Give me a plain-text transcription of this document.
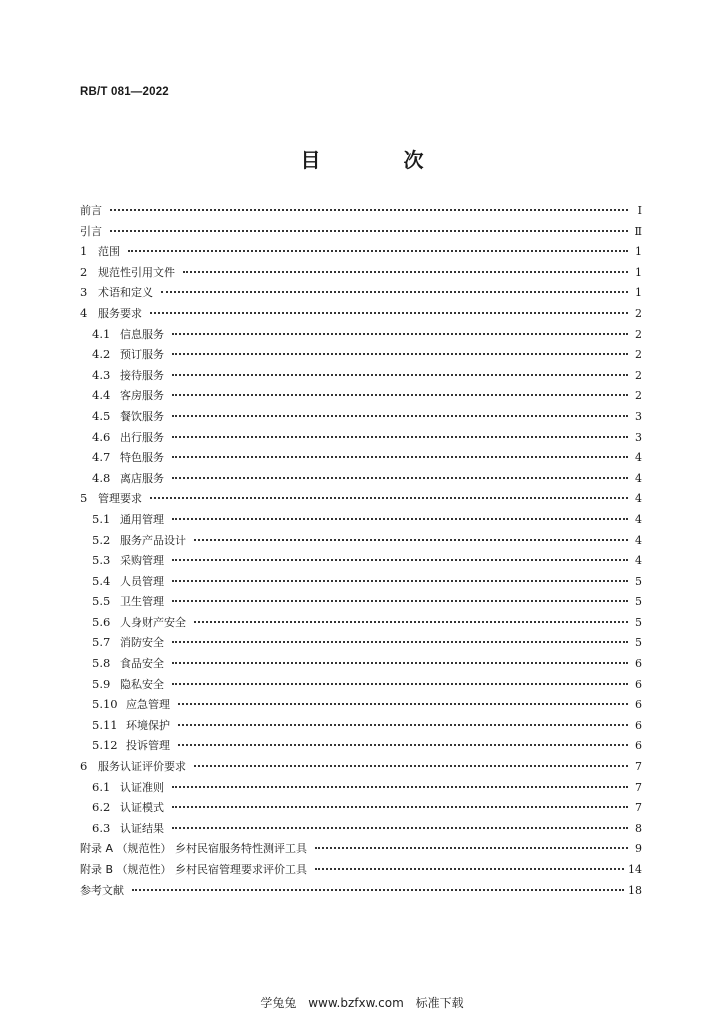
RB/T 081—2022
目 次
前言	Ⅰ
引言	Ⅱ
1 范围	1
2 规范性引用文件	1
3 术语和定义	1
4 服务要求	2
4.1 信息服务	2
4.2 预订服务	2
4.3 接待服务	2
4.4 客房服务	2
4.5 餐饮服务	3
4.6 出行服务	3
4.7 特色服务	4
4.8 离店服务	4
5 管理要求	4
5.1 通用管理	4
5.2 服务产品设计	4
5.3 采购管理	4
5.4 人员管理	5
5.5 卫生管理	5
5.6 人身财产安全	5
5.7 消防安全	5
5.8 食品安全	6
5.9 隐私安全	6
5.10 应急管理	6
5.11 环境保护	6
5.12 投诉管理	6
6 服务认证评价要求	7
6.1 认证准则	7
6.2 认证模式	7
6.3 认证结果	8
附录 A （规范性） 乡村民宿服务特性测评工具	9
附录 B （规范性） 乡村民宿管理要求评价工具	14
参考文献	18
学兔兔 www.bzfxw.com 标准下载
